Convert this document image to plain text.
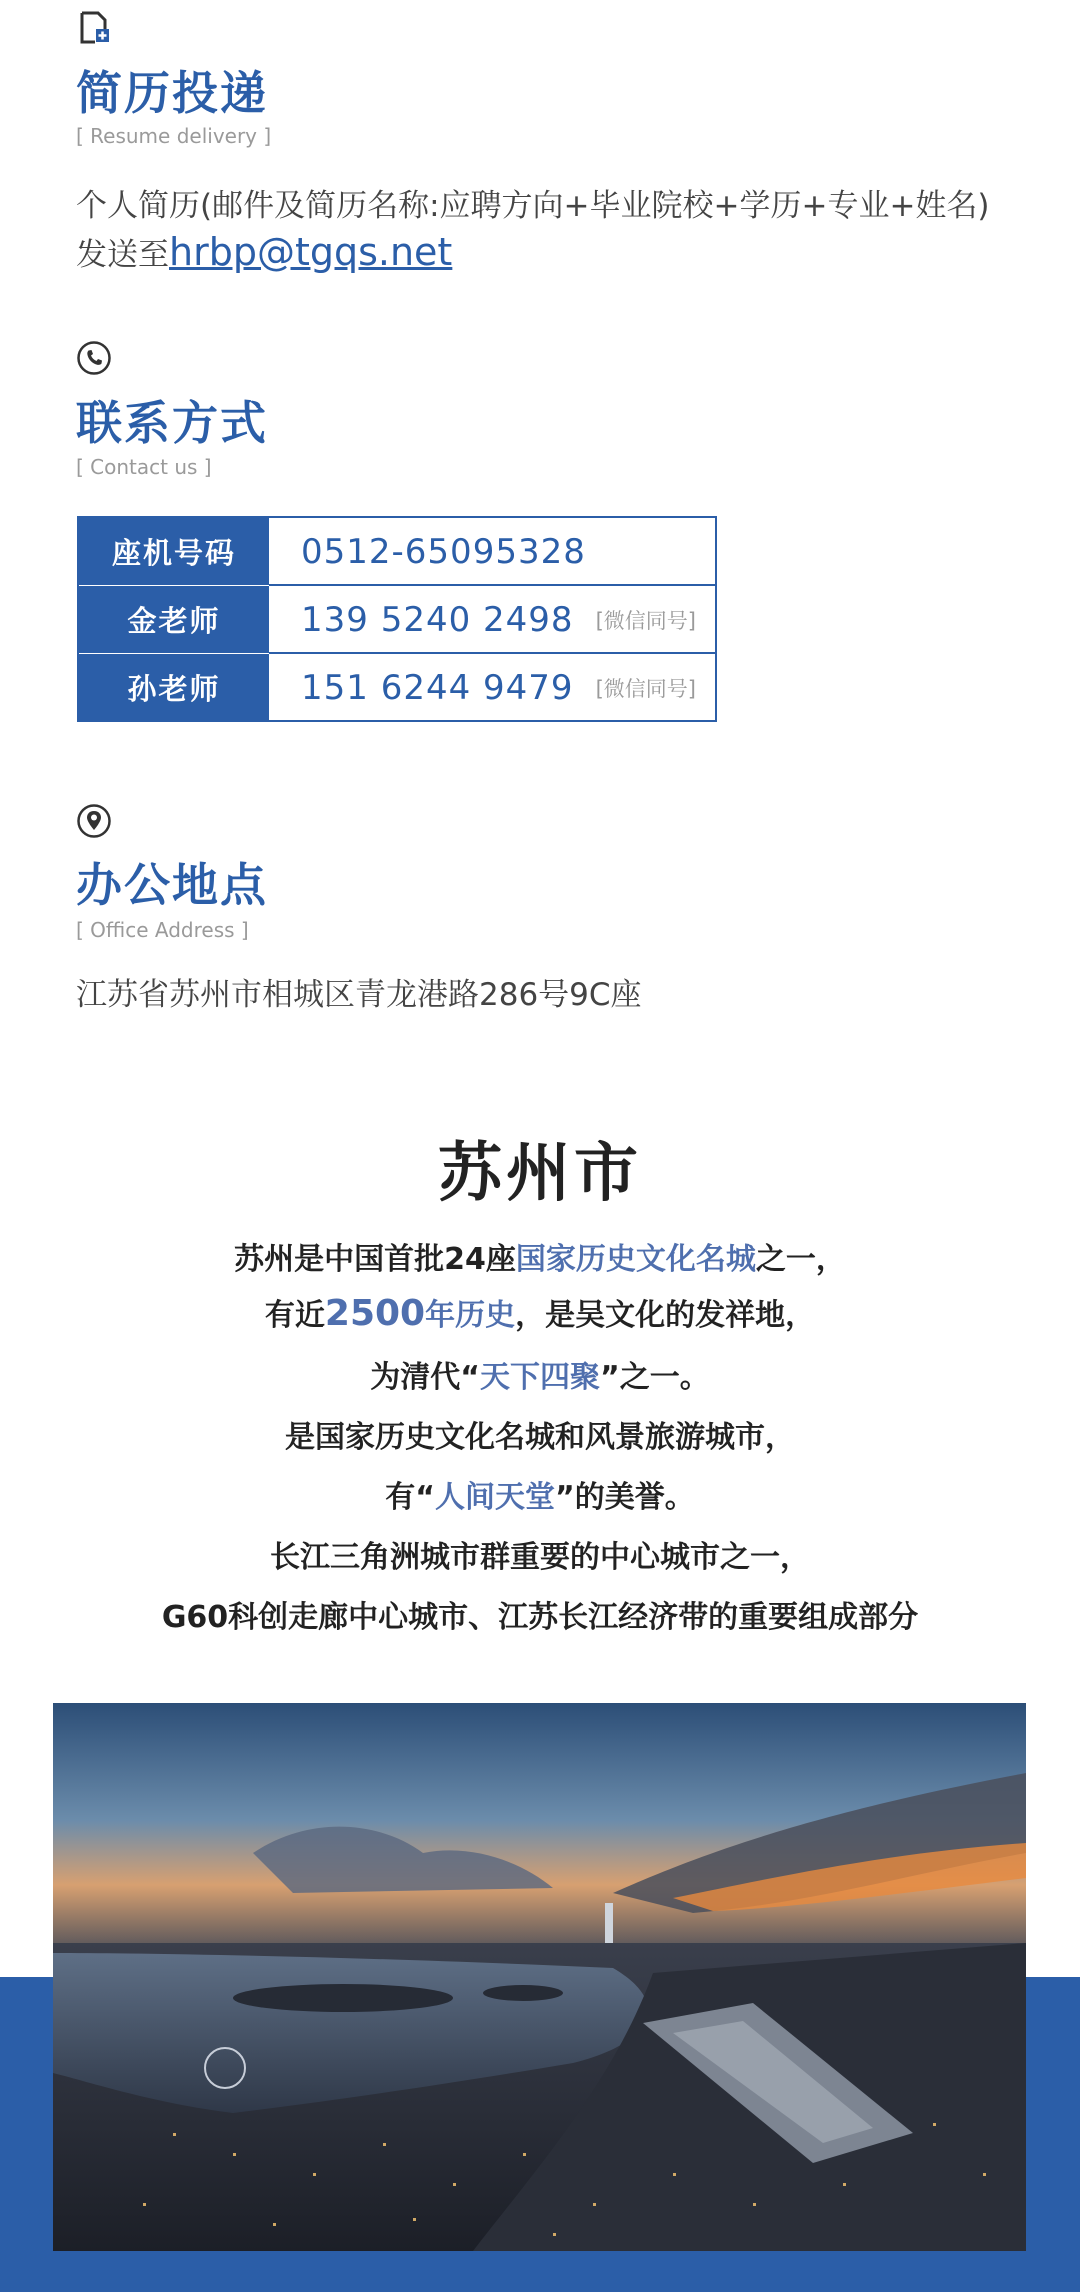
简历投递
[ Resume delivery ]
个人简历(邮件及简历名称:应聘方向+毕业院校+学历+专业+姓名)
发送至hrbp@tgqs.net
联系方式
[ Contact us ]
座机号码	0512-65095328
金老师	139 5240 2498 [微信同号]
孙老师	151 6244 9479 [微信同号]
办公地点
[ Office Address ]
江苏省苏州市相城区青龙港路286号9C座
苏州市
苏州是中国首批24座国家历史文化名城之一，
有近2500年历史，是吴文化的发祥地，
为清代“天下四聚”之一。
是国家历史文化名城和风景旅游城市，
有“人间天堂”的美誉。
长江三角洲城市群重要的中心城市之一，
G60科创走廊中心城市、江苏长江经济带的重要组成部分
